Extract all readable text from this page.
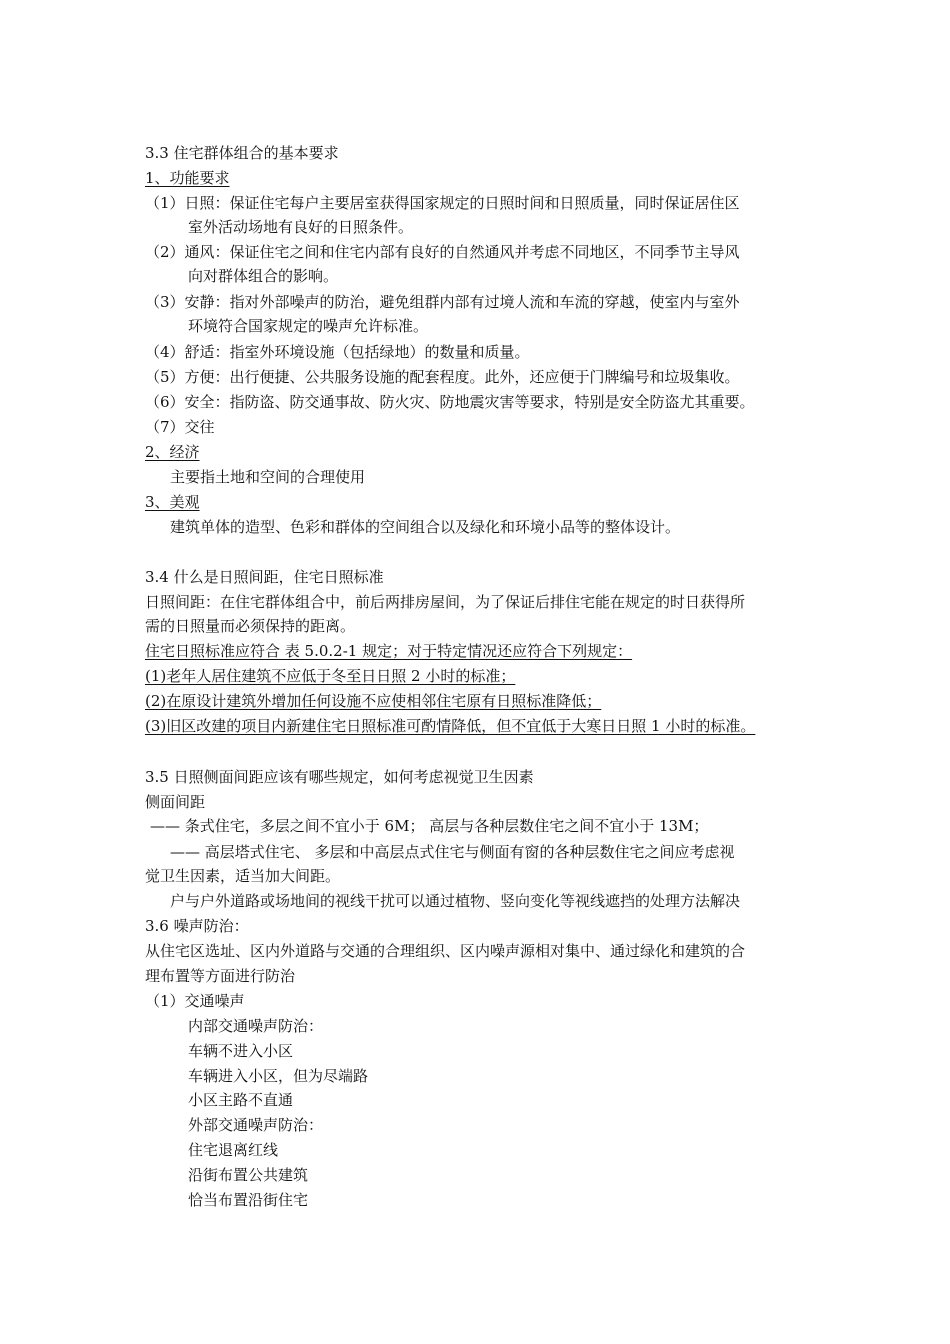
3.3 住宅群体组合的基本要求
1、功能要求
（1）日照：保证住宅每户主要居室获得国家规定的日照时间和日照质量，同时保证居住区
室外活动场地有良好的日照条件。
（2）通风：保证住宅之间和住宅内部有良好的自然通风并考虑不同地区，不同季节主导风
向对群体组合的影响。
（3）安静：指对外部噪声的防治，避免组群内部有过境人流和车流的穿越，使室内与室外
环境符合国家规定的噪声允许标准。
（4）舒适：指室外环境设施（包括绿地）的数量和质量。
（5）方便：出行便捷、公共服务设施的配套程度。此外，还应便于门牌编号和垃圾集收。
（6）安全：指防盗、防交通事故、防火灾、防地震灾害等要求，特别是安全防盗尤其重要。
（7）交往
2、经济
主要指土地和空间的合理使用
3、美观
建筑单体的造型、色彩和群体的空间组合以及绿化和环境小品等的整体设计。
3.4 什么是日照间距，住宅日照标准
日照间距：在住宅群体组合中，前后两排房屋间，为了保证后排住宅能在规定的时日获得所
需的日照量而必须保持的距离。
住宅日照标准应符合 表 5.0.2-1 规定；对于特定情况还应符合下列规定：
(1)老年人居住建筑不应低于冬至日日照 2 小时的标准；
(2)在原设计建筑外增加任何设施不应使相邻住宅原有日照标准降低；
(3)旧区改建的项目内新建住宅日照标准可酌情降低，但不宜低于大寒日日照 1 小时的标准。
3.5 日照侧面间距应该有哪些规定，如何考虑视觉卫生因素
侧面间距
—— 条式住宅，多层之间不宜小于 6M； 高层与各种层数住宅之间不宜小于 13M；
—— 高层塔式住宅、 多层和中高层点式住宅与侧面有窗的各种层数住宅之间应考虑视
觉卫生因素，适当加大间距。
户与户外道路或场地间的视线干扰可以通过植物、竖向变化等视线遮挡的处理方法解决
3.6 噪声防治：
从住宅区选址、区内外道路与交通的合理组织、区内噪声源相对集中、通过绿化和建筑的合
理布置等方面进行防治
（1）交通噪声
内部交通噪声防治：
车辆不进入小区
车辆进入小区，但为尽端路
小区主路不直通
外部交通噪声防治：
住宅退离红线
沿街布置公共建筑
恰当布置沿街住宅
